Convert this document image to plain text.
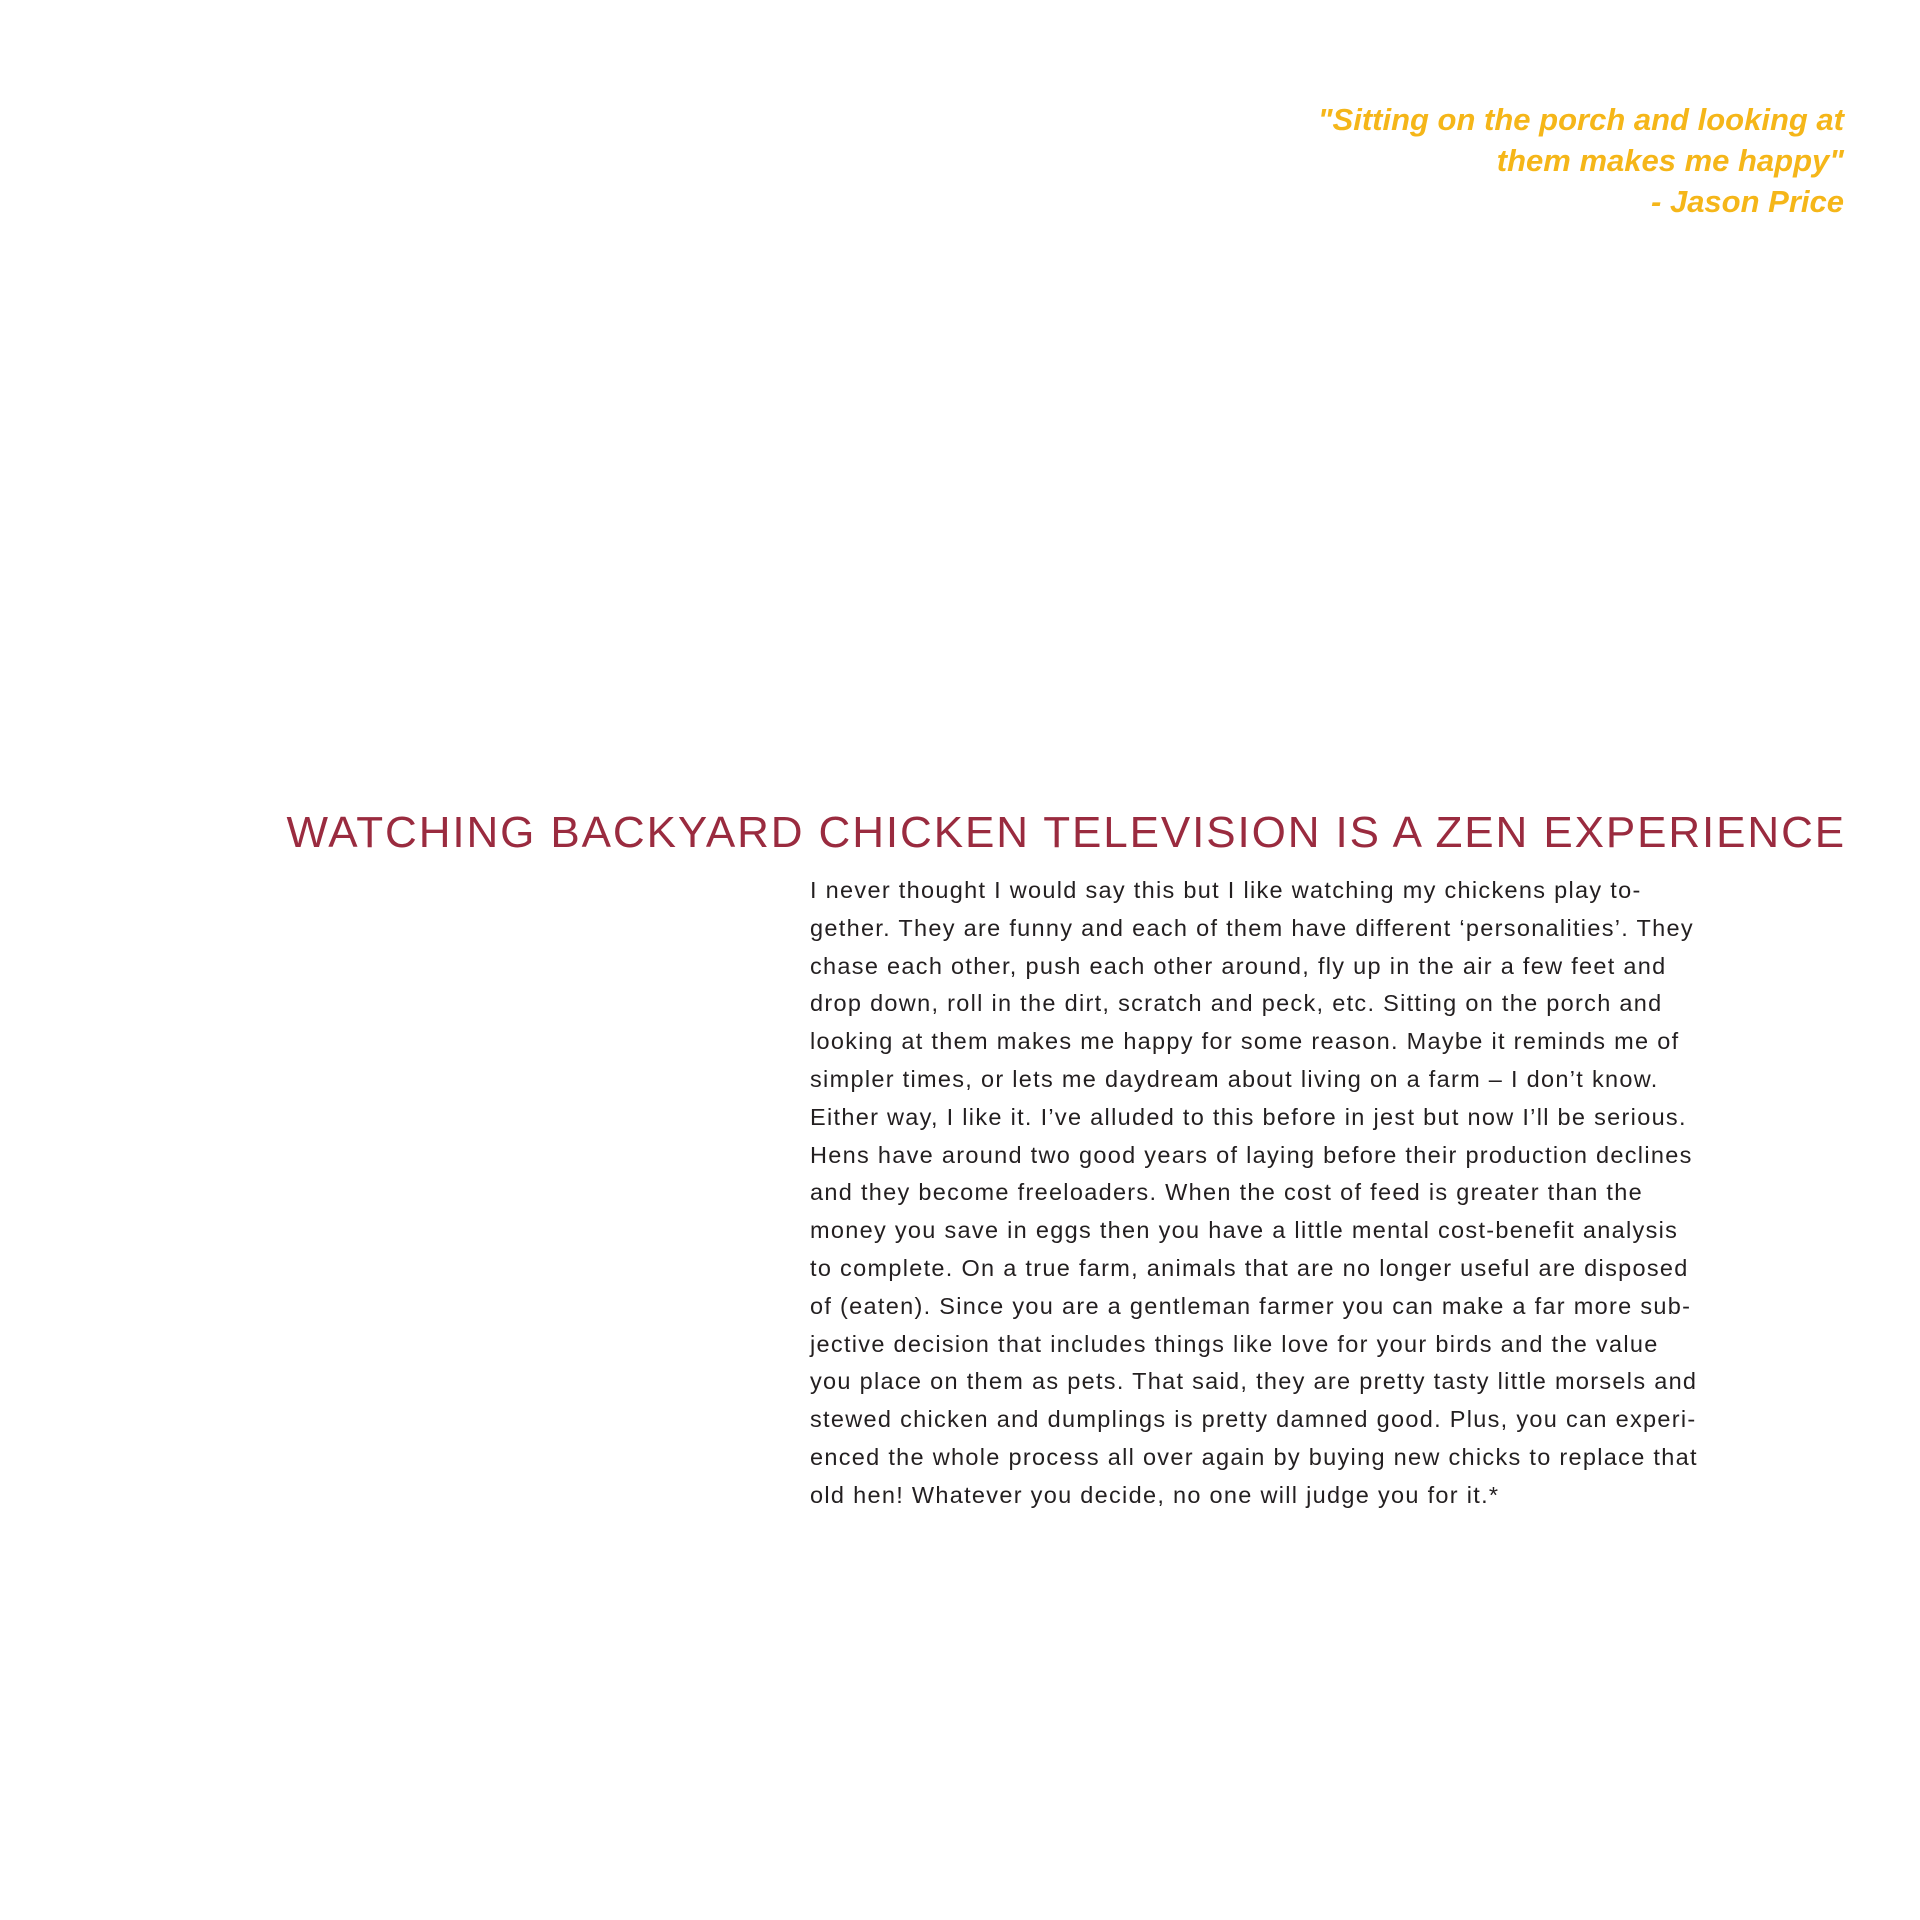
"Sitting on the porch and looking at
them makes me happy"
- Jason Price
WATCHING BACKYARD CHICKEN TELEVISION IS A ZEN EXPERIENCE
I never thought I would say this but I like watching my chickens play to-
gether. They are funny and each of them have different ‘personalities’. They
chase each other, push each other around, fly up in the air a few feet and
drop down, roll in the dirt, scratch and peck, etc. Sitting on the porch and
looking at them makes me happy for some reason. Maybe it reminds me of
simpler times, or lets me daydream about living on a farm – I don’t know.
Either way, I like it. I’ve alluded to this before in jest but now I’ll be serious.
Hens have around two good years of laying before their production declines
and they become freeloaders. When the cost of feed is greater than the
money you save in eggs then you have a little mental cost-benefit analysis
to complete. On a true farm, animals that are no longer useful are disposed
of (eaten). Since you are a gentleman farmer you can make a far more sub-
jective decision that includes things like love for your birds and the value
you place on them as pets. That said, they are pretty tasty little morsels and
stewed chicken and dumplings is pretty damned good. Plus, you can experi-
enced the whole process all over again by buying new chicks to replace that
old hen! Whatever you decide, no one will judge you for it.*
